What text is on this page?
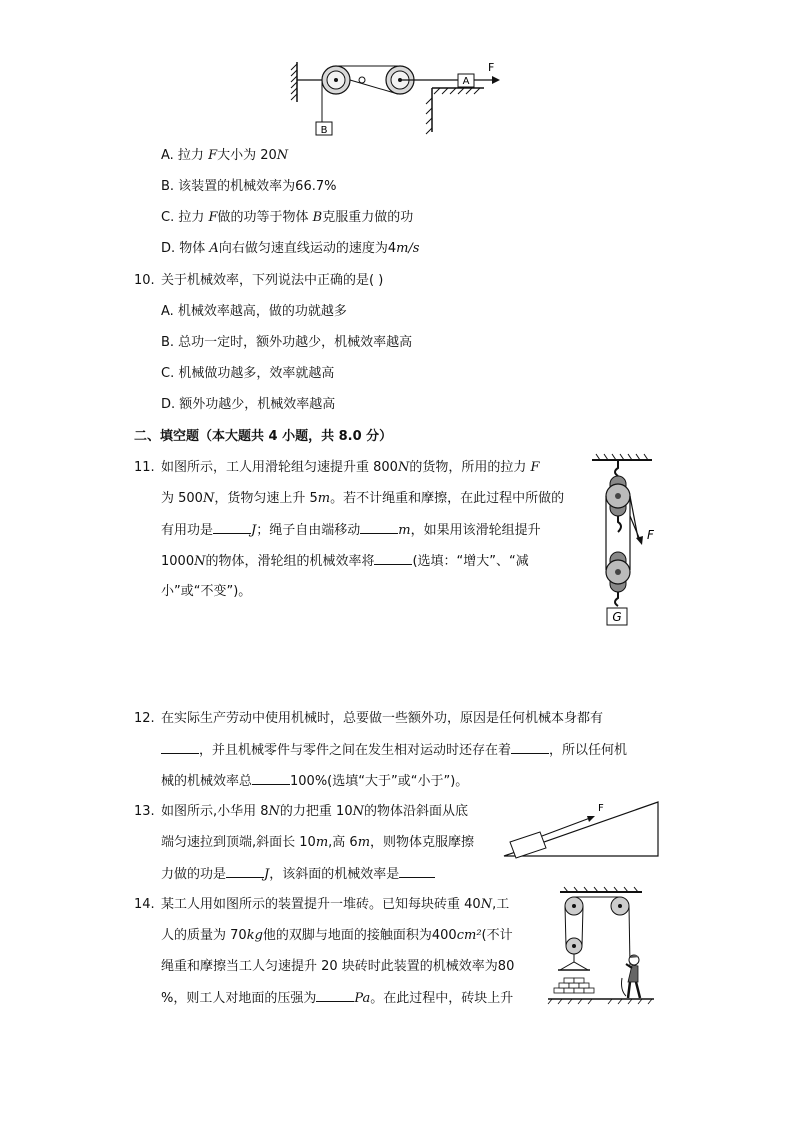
B
A
F
A. 拉力 F大小为 20N
B. 该装置的机械效率为66.7%
C. 拉力 F做的功等于物体 B克服重力做的功
D. 物体 A向右做匀速直线运动的速度为4m/s
10. 关于机械效率，下列说法中正确的是( )
A. 机械效率越高，做的功就越多
B. 总功一定时，额外功越少，机械效率越高
C. 机械做功越多，效率就越高
D. 额外功越少，机械效率越高
二、填空题（本大题共 4 小题，共 8.0 分）
11. 如图所示，工人用滑轮组匀速提升重 800N的货物，所用的拉力 F
为 500N，货物匀速上升 5m。若不计绳重和摩擦，在此过程中所做的
有用功是	J；绳子自由端移动	m，如果用该滑轮组提升
1000N的物体，滑轮组的机械效率将	(选填：“增大”、“减
小”或“不变”)。
F
G
12. 在实际生产劳动中使用机械时，总要做一些额外功，原因是任何机械本身都有
，并且机械零件与零件之间在发生相对运动时还存在着	，所以任何机
械的机械效率总	100%(选填“大于”或“小于”)。
13. 如图所示,小华用 8N的力把重 10N的物体沿斜面从底
端匀速拉到顶端,斜面长 10m,高 6m，则物体克服摩擦
力做的功是	J，该斜面的机械效率是
F
14. 某工人用如图所示的装置提升一堆砖。已知每块砖重 40N,工
人的质量为 70kg他的双脚与地面的接触面积为400cm²(不计
绳重和摩擦当工人匀速提升 20 块砖时此装置的机械效率为80
%，则工人对地面的压强为	Pa。在此过程中，砖块上升
